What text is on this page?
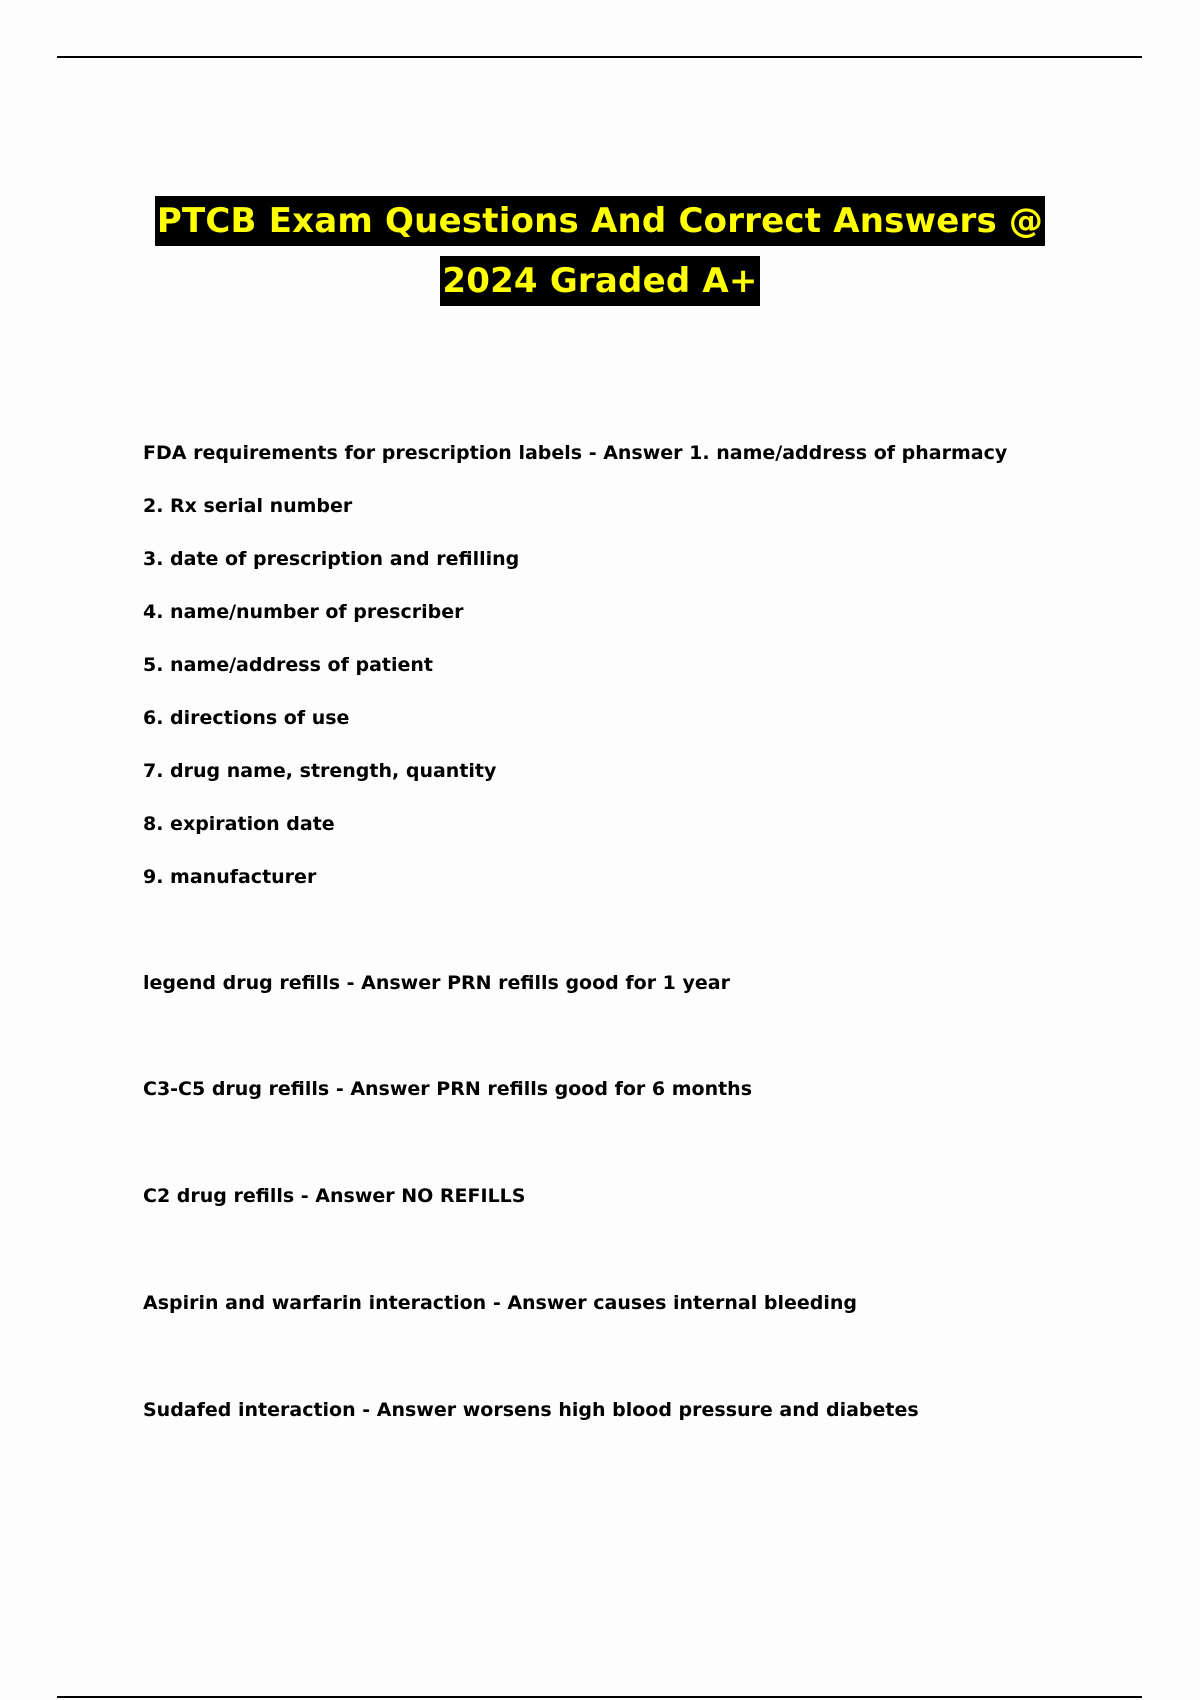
PTCB Exam Questions And Correct Answers @
2024 Graded A+

FDA requirements for prescription labels - Answer 1. name/address of pharmacy

2. Rx serial number

3. date of prescription and refilling

4. name/number of prescriber

5. name/address of patient

6. directions of use

7. drug name, strength, quantity

8. expiration date

9. manufacturer

legend drug refills - Answer PRN refills good for 1 year

C3-C5 drug refills - Answer PRN refills good for 6 months

C2 drug refills - Answer NO REFILLS

Aspirin and warfarin interaction - Answer causes internal bleeding

Sudafed interaction - Answer worsens high blood pressure and diabetes
